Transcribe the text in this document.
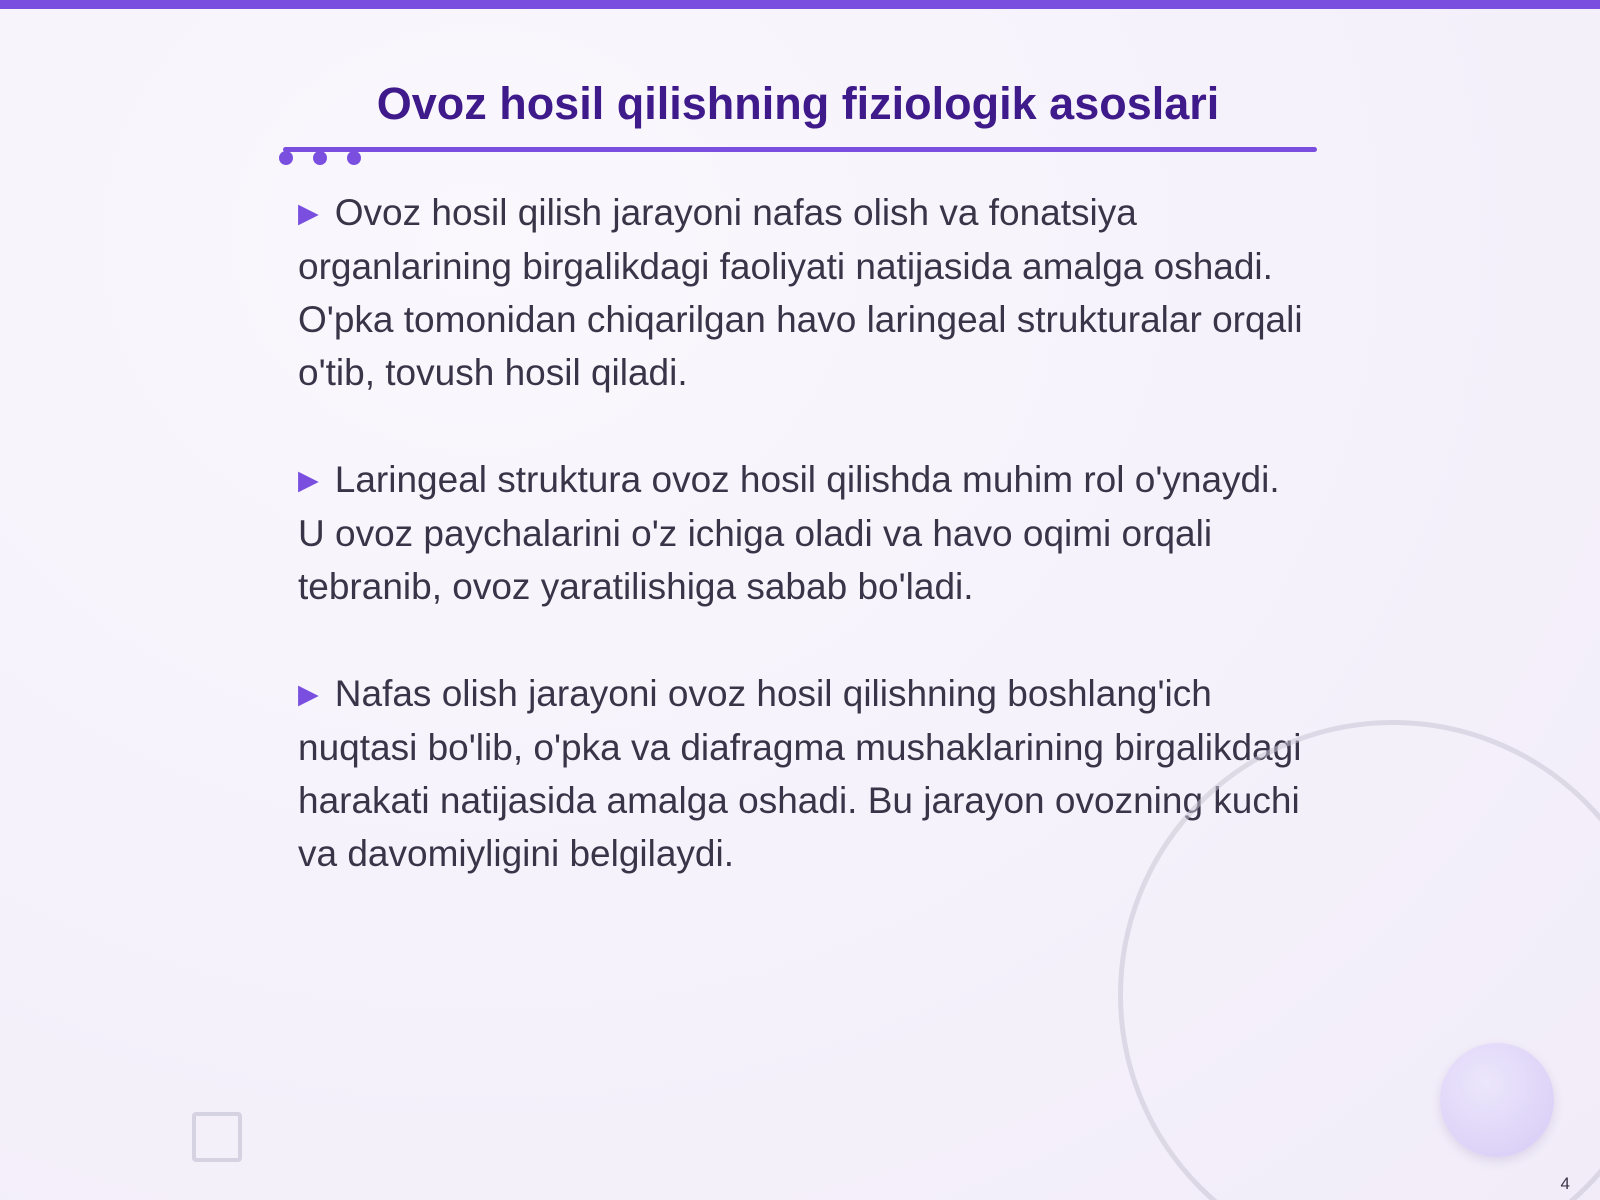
Ovoz hosil qilishning fiziologik asoslari

▶ Ovoz hosil qilish jarayoni nafas olish va fonatsiya organlarining birgalikdagi faoliyati natijasida amalga oshadi. O'pka tomonidan chiqarilgan havo laringeal strukturalar orqali o'tib, tovush hosil qiladi.

▶ Laringeal struktura ovoz hosil qilishda muhim rol o'ynaydi. U ovoz paychalarini o'z ichiga oladi va havo oqimi orqali tebranib, ovoz yaratilishiga sabab bo'ladi.

▶ Nafas olish jarayoni ovoz hosil qilishning boshlang'ich nuqtasi bo'lib, o'pka va diafragma mushaklarining birgalikdagi harakati natijasida amalga oshadi. Bu jarayon ovozning kuchi va davomiyligini belgilaydi.

4
